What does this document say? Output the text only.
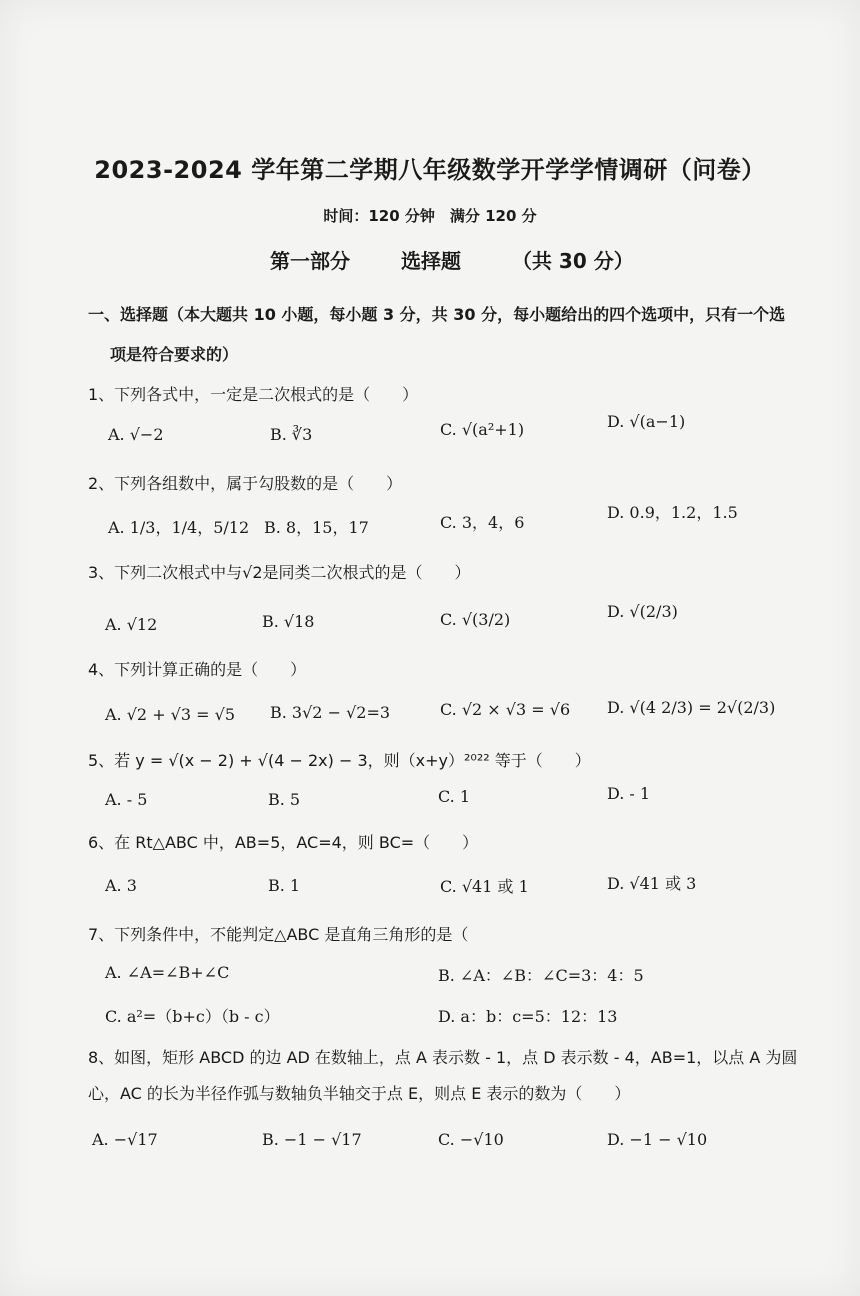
2023-2024 学年第二学期八年级数学开学学情调研（问卷）
时间：120 分钟　满分 120 分
第一部分	选择题	（共 30 分）
一、选择题（本大题共 10 小题，每小题 3 分，共 30 分，每小题给出的四个选项中，只有一个选
项是符合要求的）
1、下列各式中，一定是二次根式的是（　　）
A. √−2	B. ∛3	C. √(a²+1)	D. √(a−1)
2、下列各组数中，属于勾股数的是（　　）
A. 1/3，1/4，5/12 B. 8，15，17	C. 3，4，6
D. 0.9，1.2，1.5
3、下列二次根式中与√2是同类二次根式的是（　　）
A. √12	B. √18	C. √(3/2)	D. √(2/3)
4、下列计算正确的是（　　）
A. √2 + √3 = √5 B. 3√2 − √2=3	C. √2 × √3 = √6 D. √(4 2/3) = 2√(2/3)
5、若 y = √(x − 2) + √(4 − 2x) − 3，则（x+y）²⁰²² 等于（　　）
A. - 5	B. 5	C. 1	D. - 1
6、在 Rt△ABC 中，AB=5，AC=4，则 BC=（　　）
A. 3	B. 1	C. √41 或 1	D. √41 或 3
7、下列条件中，不能判定△ABC 是直角三角形的是（
A. ∠A=∠B+∠C	B. ∠A：∠B：∠C=3：4：5
C. a²=（b+c）（b - c）	D. a：b：c=5：12：13
8、如图，矩形 ABCD 的边 AD 在数轴上，点 A 表示数 - 1，点 D 表示数 - 4，AB=1，以点 A 为圆
心，AC 的长为半径作弧与数轴负半轴交于点 E，则点 E 表示的数为（　　）
A. −√17	B. −1 − √17	C. −√10	D. −1 − √10
